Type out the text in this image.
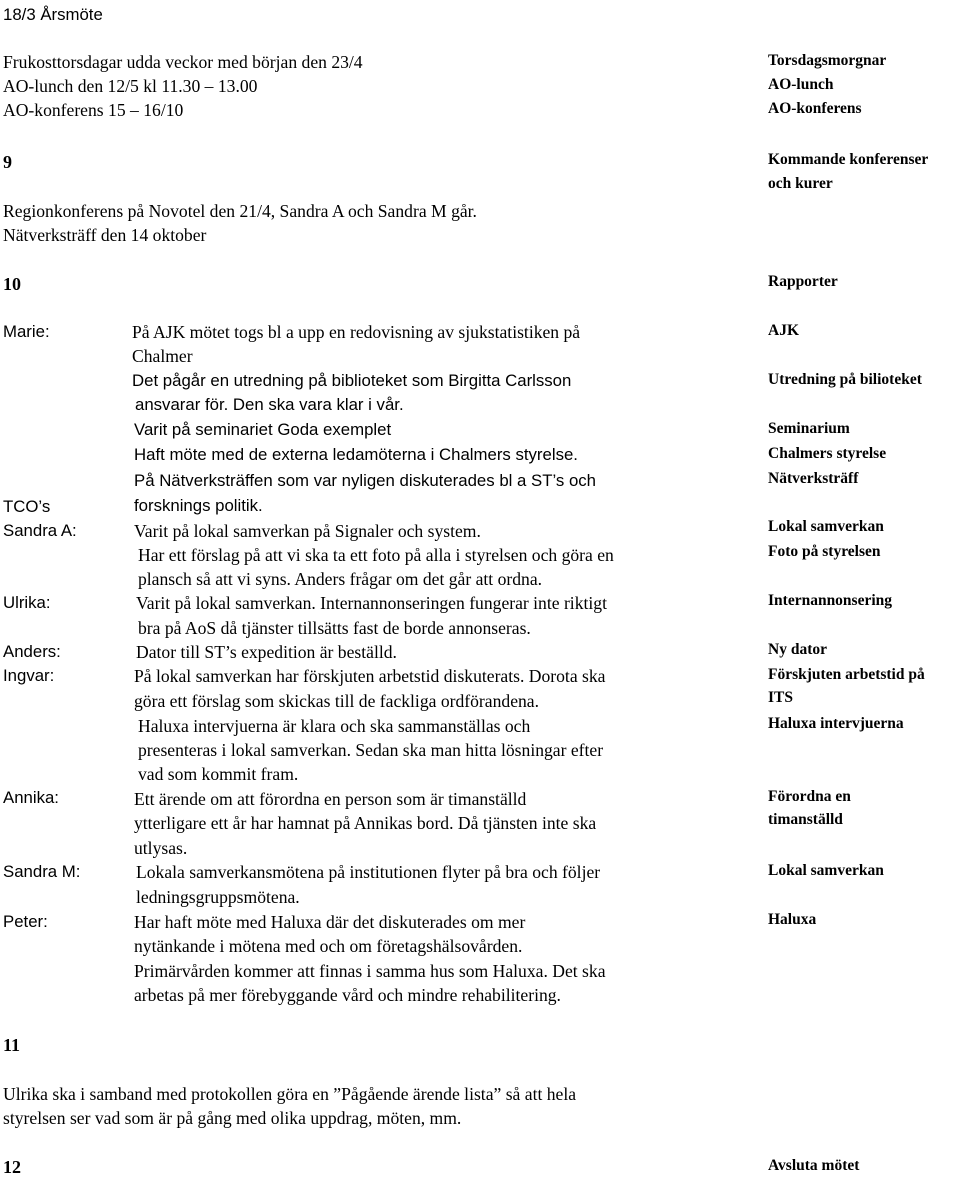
18/3 Årsmöte
Frukosttorsdagar udda veckor med början den 23/4
AO-lunch den 12/5 kl 11.30 – 13.00
AO-konferens 15 – 16/10
Torsdagsmorgnar
AO-lunch
AO-konferens
9
Regionkonferens på Novotel den 21/4, Sandra A och Sandra M går.
Nätverksträff den 14 oktober
Kommande konferenser
och kurer
10	Rapporter
Marie:
TCO’s
Sandra A:
Ulrika:
Anders:
Ingvar:
Annika:
Sandra M:
Peter:
På AJK mötet togs bl a upp en redovisning av sjukstatistiken på
Chalmer
Det pågår en utredning på biblioteket som Birgitta Carlsson
ansvarar för. Den ska vara klar i vår.
Varit på seminariet Goda exemplet
Haft möte med de externa ledamöterna i Chalmers styrelse.
På Nätverksträffen som var nyligen diskuterades bl a ST’s och
forsknings politik.
Varit på lokal samverkan på Signaler och system.
Har ett förslag på att vi ska ta ett foto på alla i styrelsen och göra en
plansch så att vi syns. Anders frågar om det går att ordna.
Varit på lokal samverkan. Internannonseringen fungerar inte riktigt
bra på AoS då tjänster tillsätts fast de borde annonseras.
Dator till ST’s expedition är beställd.
På lokal samverkan har förskjuten arbetstid diskuterats. Dorota ska
göra ett förslag som skickas till de fackliga ordförandena.
Haluxa intervjuerna är klara och ska sammanställas och
presenteras i lokal samverkan. Sedan ska man hitta lösningar efter
vad som kommit fram.
Ett ärende om att förordna en person som är timanställd
ytterligare ett år har hamnat på Annikas bord. Då tjänsten inte ska
utlysas.
Lokala samverkansmötena på institutionen flyter på bra och följer
ledningsgruppsmötena.
Har haft möte med Haluxa där det diskuterades om mer
nytänkande i mötena med och om företagshälsovården.
Primärvården kommer att finnas i samma hus som Haluxa. Det ska
arbetas på mer förebyggande vård och mindre rehabilitering.
AJK
Utredning på bilioteket
Seminarium
Chalmers styrelse
Nätverksträff
Lokal samverkan
Foto på styrelsen
Internannonsering
Ny dator
Förskjuten arbetstid på
ITS
Haluxa intervjuerna
Förordna en
timanställd
Lokal samverkan
Haluxa
11
Ulrika ska i samband med protokollen göra en ”Pågående ärende lista” så att hela
styrelsen ser vad som är på gång med olika uppdrag, möten, mm.
12	Avsluta mötet
